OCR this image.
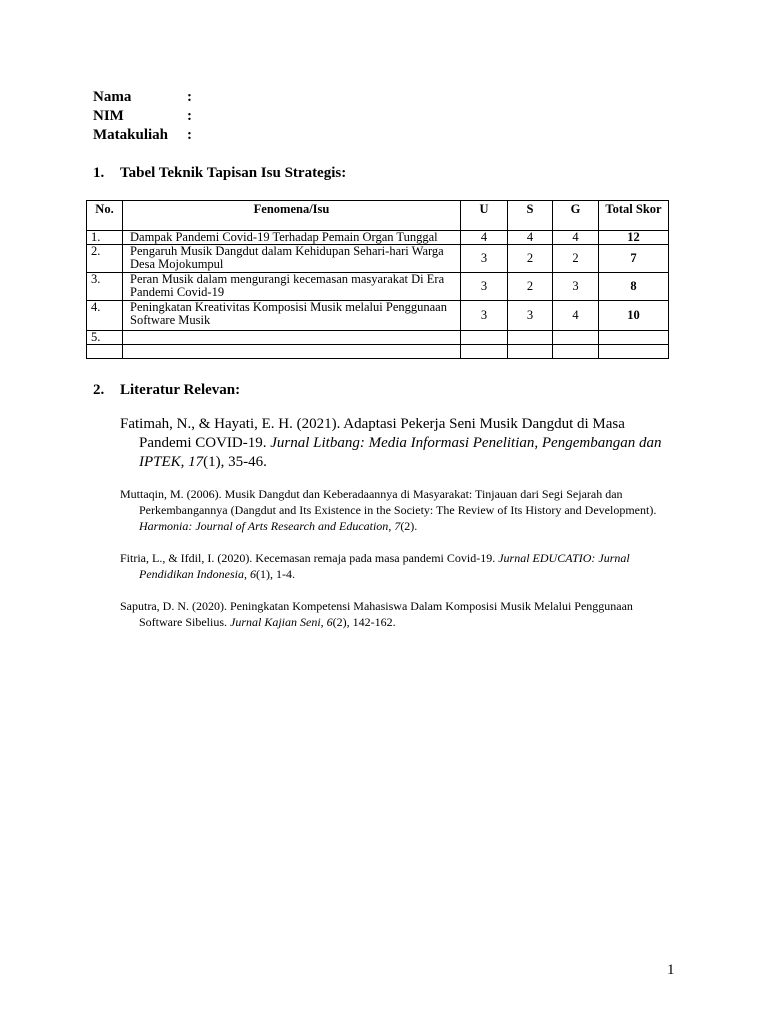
Nama	:
NIM	:
Matakuliah :
1. Tabel Teknik Tapisan Isu Strategis:
No.	Fenomena/Isu	U	S	G	Total Skor
1.	Dampak Pandemi Covid-19 Terhadap Pemain Organ Tunggal	4	4	4	12
2.	Pengaruh Musik Dangdut dalam Kehidupan Sehari-hari Warga Desa Mojokumpul	3	2	2	7
3.	Peran Musik dalam mengurangi kecemasan masyarakat Di Era Pandemi Covid-19	3	2	3	8
4.	Peningkatan Kreativitas Komposisi Musik melalui Penggunaan Software Musik	3	3	4	10
5.					

2. Literatur Relevan:

Fatimah, N., & Hayati, E. H. (2021). Adaptasi Pekerja Seni Musik Dangdut di Masa Pandemi COVID-19. Jurnal Litbang: Media Informasi Penelitian, Pengembangan dan IPTEK, 17(1), 35-46.

Muttaqin, M. (2006). Musik Dangdut dan Keberadaannya di Masyarakat: Tinjauan dari Segi Sejarah dan Perkembangannya (Dangdut and Its Existence in the Society: The Review of Its History and Development). Harmonia: Journal of Arts Research and Education, 7(2).

Fitria, L., & Ifdil, I. (2020). Kecemasan remaja pada masa pandemi Covid-19. Jurnal EDUCATIO: Jurnal Pendidikan Indonesia, 6(1), 1-4.

Saputra, D. N. (2020). Peningkatan Kompetensi Mahasiswa Dalam Komposisi Musik Melalui Penggunaan Software Sibelius. Jurnal Kajian Seni, 6(2), 142-162.

1
